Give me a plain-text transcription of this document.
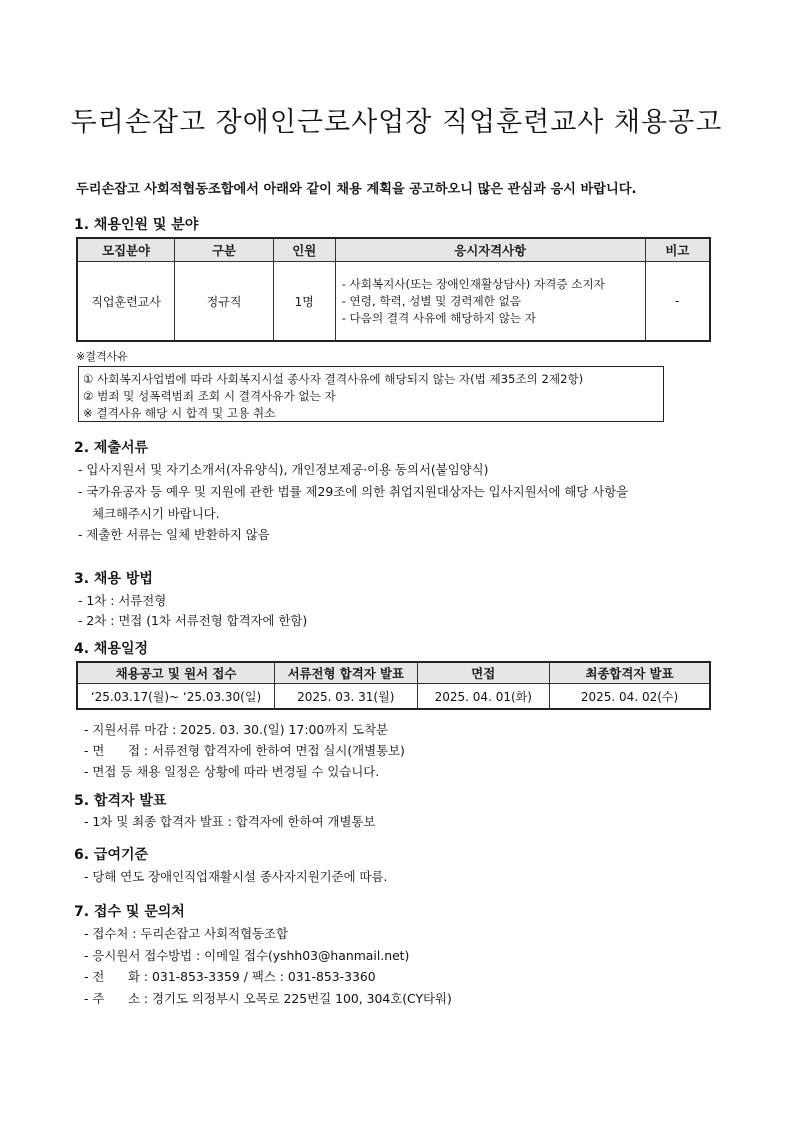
두리손잡고 장애인근로사업장 직업훈련교사 채용공고
두리손잡고 사회적협동조합에서 아래와 같이 채용 계획을 공고하오니 많은 관심과 응시 바랍니다.
1. 채용인원 및 분야
모집분야	구분	인원	응시자격사항	비고
직업훈련교사	정규직	1명	- 사회복지사(또는 장애인재활상담사) 자격증 소지자
- 연령, 학력, 성별 및 경력제한 없음
- 다음의 결격 사유에 해당하지 않는 자	-
※결격사유
① 사회복지사업법에 따라 사회복지시설 종사자 결격사유에 해당되지 않는 자(법 제35조의 2제2항)
② 범죄 및 성폭력범죄 조회 시 결격사유가 없는 자
※ 결격사유 해당 시 합격 및 고용 취소
2. 제출서류
- 입사지원서 및 자기소개서(자유양식), 개인정보제공·이용 동의서(붙임양식)
- 국가유공자 등 예우 및 지원에 관한 법률 제29조에 의한 취업지원대상자는 입사지원서에 해당 사항을
체크해주시기 바랍니다.
- 제출한 서류는 일체 반환하지 않음
3. 채용 방법
- 1차 : 서류전형
- 2차 : 면접 (1차 서류전형 합격자에 한함)
4. 채용일정
채용공고 및 원서 접수	서류전형 합격자 발표	면접	최종합격자 발표
‘25.03.17(월)~ ‘25.03.30(일)	2025. 03. 31(월)	2025. 04. 01(화)	2025. 04. 02(수)
- 지원서류 마감 : 2025. 03. 30.(일) 17:00까지 도착분
- 면      접 : 서류전형 합격자에 한하여 면접 실시(개별통보)
- 면접 등 채용 일정은 상황에 따라 변경될 수 있습니다.
5. 합격자 발표
- 1차 및 최종 합격자 발표 : 합격자에 한하여 개별통보
6. 급여기준
- 당해 연도 장애인직업재활시설 종사자지원기준에 따름.
7. 접수 및 문의처
- 접수처 : 두리손잡고 사회적협동조합
- 응시원서 접수방법 : 이메일 접수(yshh03@hanmail.net)
- 전      화 : 031-853-3359 / 팩스 : 031-853-3360
- 주      소 : 경기도 의정부시 오목로 225번길 100, 304호(CY타워)
